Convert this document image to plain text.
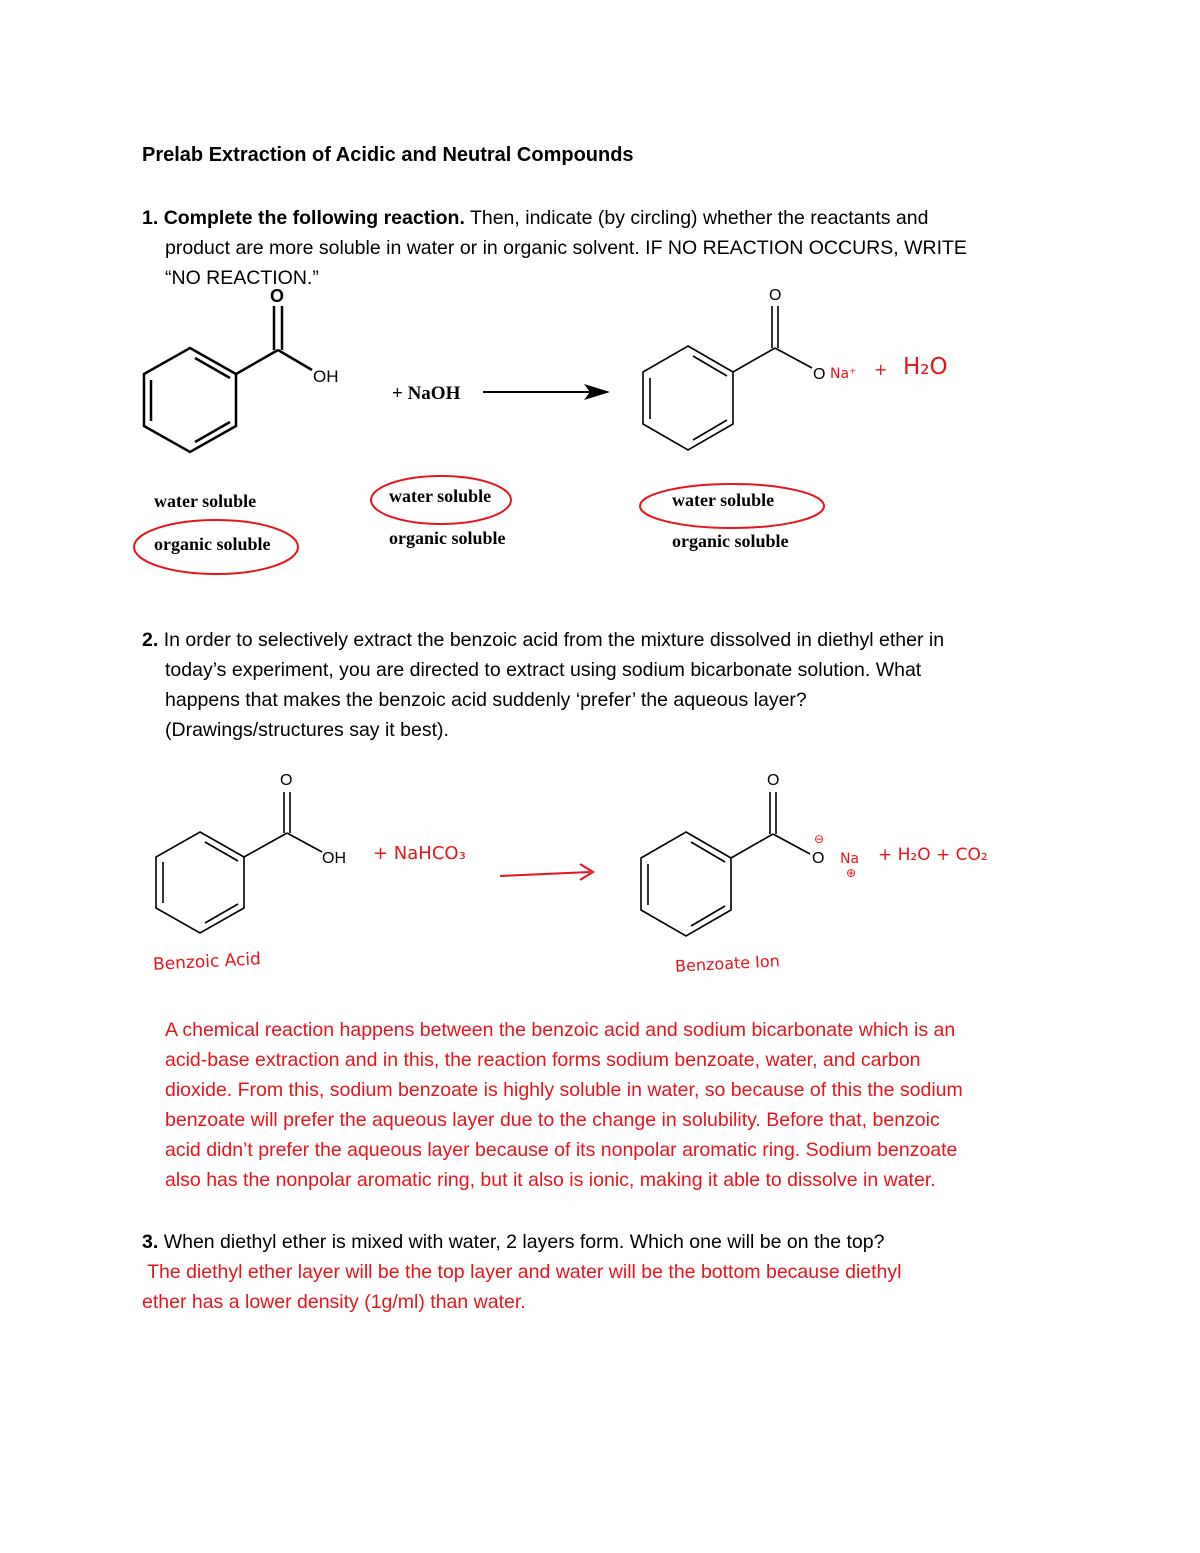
Prelab Extraction of Acidic and Neutral Compounds
1. Complete the following reaction. Then, indicate (by circling) whether the reactants and
product are more soluble in water or in organic solvent. IF NO REACTION OCCURS, WRITE
“NO REACTION.”
O
OH
+ NaOH
O
O Na⁺ + H₂O
water soluble
organic soluble
water soluble
organic soluble
water soluble
organic soluble
2. In order to selectively extract the benzoic acid from the mixture dissolved in diethyl ether in
today’s experiment, you are directed to extract using sodium bicarbonate solution. What
happens that makes the benzoic acid suddenly ‘prefer’ the aqueous layer?
(Drawings/structures say it best).
O
OH + NaHCO₃
O
O
⊖
Na
⊕
+ H₂O + CO₂
Benzoic Acid	Benzoate Ion
A chemical reaction happens between the benzoic acid and sodium bicarbonate which is an
acid-base extraction and in this, the reaction forms sodium benzoate, water, and carbon
dioxide. From this, sodium benzoate is highly soluble in water, so because of this the sodium
benzoate will prefer the aqueous layer due to the change in solubility. Before that, benzoic
acid didn’t prefer the aqueous layer because of its nonpolar aromatic ring. Sodium benzoate
also has the nonpolar aromatic ring, but it also is ionic, making it able to dissolve in water.
3. When diethyl ether is mixed with water, 2 layers form. Which one will be on the top?
The diethyl ether layer will be the top layer and water will be the bottom because diethyl
ether has a lower density (1g/ml) than water.
